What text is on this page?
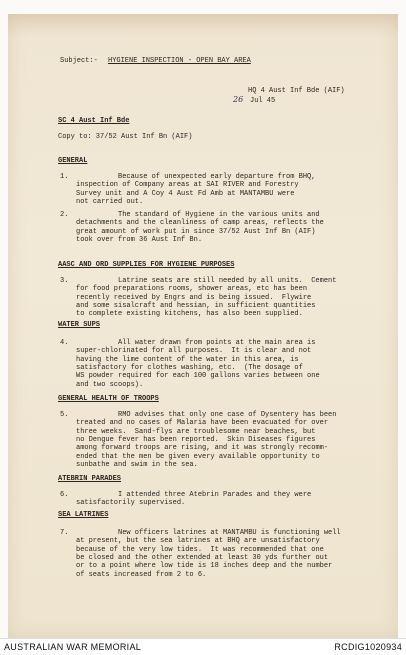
Subject:- HYGIENE INSPECTION - OPEN BAY AREA
HQ 4 Aust Inf Bde (AIF)
26 Jul 45
SC 4 Aust Inf Bde
Copy to: 37/52 Aust Inf Bn (AIF)
GENERAL
1.	Because of unexpected early departure from BHQ,
inspection of Company areas at SAI RIVER and Forestry
Survey unit and A Coy 4 Aust Fd Amb at MANTAMBU were
not carried out.
2.	The standard of Hygiene in the various units and
detachments and the cleanliness of camp areas, reflects the
great amount of work put in since 37/52 Aust Inf Bn (AIF)
took over from 36 Aust Inf Bn.
AASC AND ORD SUPPLIES FOR HYGIENE PURPOSES
3.	Latrine seats are still needed by all units.  Cement
for food preparations rooms, shower areas, etc has been
recently received by Engrs and is being issued.  Flywire
and some sisalcraft and hessian, in sufficient quantities
to complete existing kitchens, has also been supplied.
WATER SUPS
4.	All water drawn from points at the main area is
super-chlorinated for all purposes.  It is clear and not
having the lime content of the water in this area, is
satisfactory for clothes washing, etc.  (The dosage of
WS powder required for each 100 gallons varies between one
and two scoops).
GENERAL HEALTH OF TROOPS
5.	RMO advises that only one case of Dysentery has been
treated and no cases of Malaria have been evacuated for over
three weeks.  Sand-flys are troublesome near beaches, but
no Dengue fever has been reported.  Skin Diseases figures
among forward troops are rising, and it was strongly recomm-
ended that the men be given every available opportunity to
sunbathe and swim in the sea.
ATEBRIN PARADES
6.	I attended three Atebrin Parades and they were
satisfactorily supervised.
SEA LATRINES
7.	New officers latrines at MANTAMBU is functioning well
at present, but the sea latrines at BHQ are unsatisfactory
because of the very low tides.  It was recommended that one
be closed and the other extended at least 30 yds further out
or to a point where low tide is 18 inches deep and the number
of seats increased from 2 to 6.
AUSTRALIAN WAR MEMORIAL	RCDIG1020934
